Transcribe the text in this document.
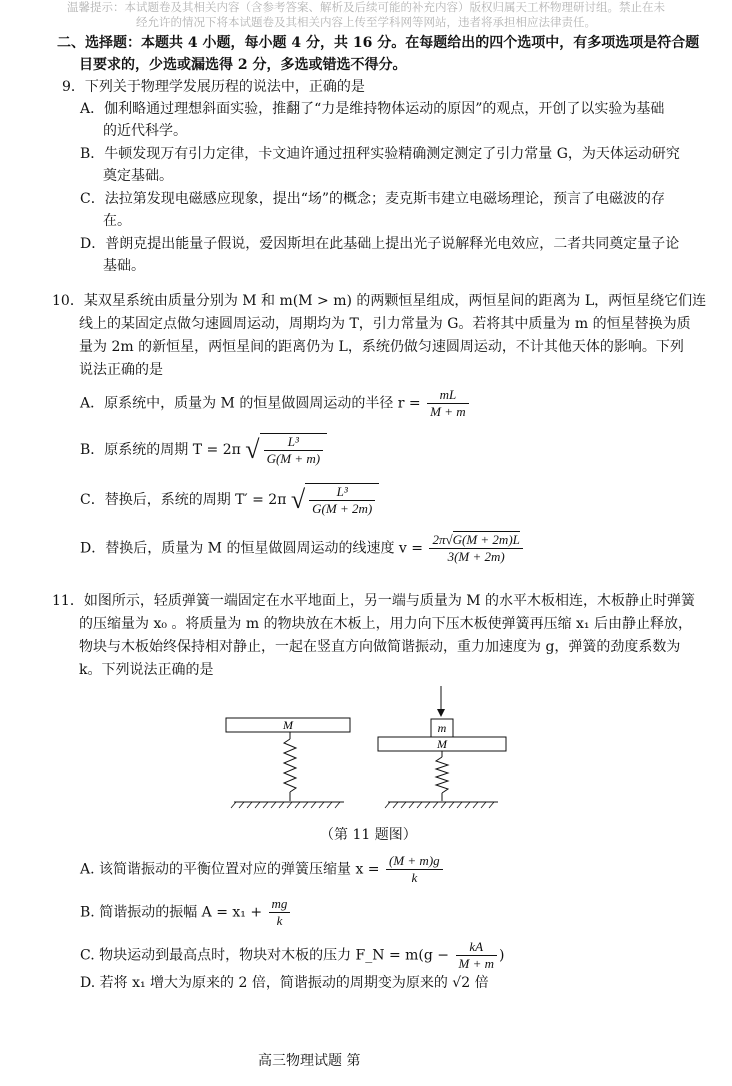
温馨提示：本试题卷及其相关内容（含参考答案、解析及后续可能的补充内容）版权归属天工杯物理研讨组。禁止在未
经允许的情况下将本试题卷及其相关内容上传至学科网等网站，违者将承担相应法律责任。
二、选择题：本题共 4 小题，每小题 4 分，共 16 分。在每题给出的四个选项中，有多项选项是符合题
目要求的，少选或漏选得 2 分，多选或错选不得分。
9．下列关于物理学发展历程的说法中，正确的是
A．伽利略通过理想斜面实验，推翻了“力是维持物体运动的原因”的观点，开创了以实验为基础
的近代科学。
B．牛顿发现万有引力定律，卡文迪许通过扭秤实验精确测定测定了引力常量 G，为天体运动研究
奠定基础。
C．法拉第发现电磁感应现象，提出“场”的概念；麦克斯韦建立电磁场理论，预言了电磁波的存
在。
D．普朗克提出能量子假说，爱因斯坦在此基础上提出光子说解释光电效应，二者共同奠定量子论
基础。
10．某双星系统由质量分别为 M 和 m(M > m) 的两颗恒星组成，两恒星间的距离为 L，两恒星绕它们连
线上的某固定点做匀速圆周运动，周期均为 T，引力常量为 G。若将其中质量为 m 的恒星替换为质
量为 2m 的新恒星，两恒星间的距离仍为 L，系统仍做匀速圆周运动，不计其他天体的影响。下列
说法正确的是
A．原系统中，质量为 M 的恒星做圆周运动的半径 $r = \frac{mL}{M + m}$
B．原系统的周期 T = 2π √ $\frac{\text{L³}}{G(M + m)}$
C．替换后，系统的周期 T′ = 2π √ $\frac{\text{L³}}{G(M + 2m)}$
D．替换后，质量为 M 的恒星做圆周运动的线速度 $v = \frac{2\pi√G(M + 2m)L}{3(M + 2m)}$
11．如图所示，轻质弹簧一端固定在水平地面上，另一端与质量为 M 的水平木板相连，木板静止时弹簧
的压缩量为 x₀ 。将质量为 m 的物块放在木板上，用力向下压木板使弹簧再压缩 x₁ 后由静止释放，
物块与木板始终保持相对静止，一起在竖直方向做简谐振动，重力加速度为 g，弹簧的劲度系数为
k。下列说法正确的是
M	m
M
（第 11 题图）
A. 该简谐振动的平衡位置对应的弹簧压缩量 $x = \frac{(M + m)g}{k}$
B. 简谐振动的振幅 $A = x_1 + \frac{mg}{k}$
C. 物块运动到最高点时，物块对木板的压力 F_N = $m(g - \frac{kA}{M + m}$ )
D. 若将 x₁ 增大为原来的 2 倍，简谐振动的周期变为原来的 √2 倍
高三物理试题 第
